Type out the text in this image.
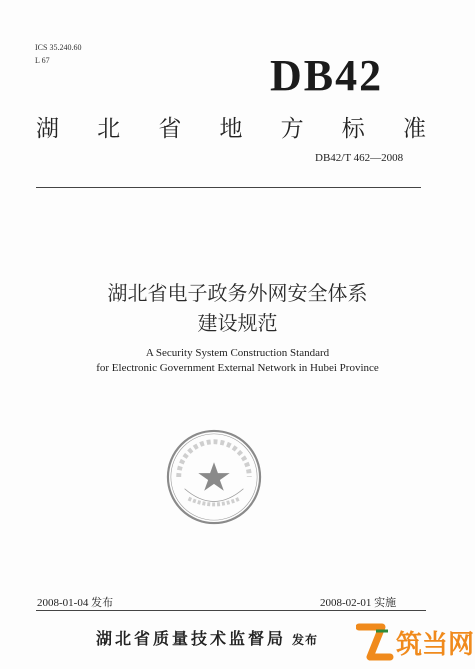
ICS 35.240.60
L 67	DB42
湖 北 省 地 方 标 准
DB42/T 462—2008
湖北省电子政务外网安全体系
建设规范
A Security System Construction Standard
for Electronic Government External Network in Hubei Province
2008-01-04 发布	2008-02-01 实施
湖北省质量技术监督局 发布	筑当网
